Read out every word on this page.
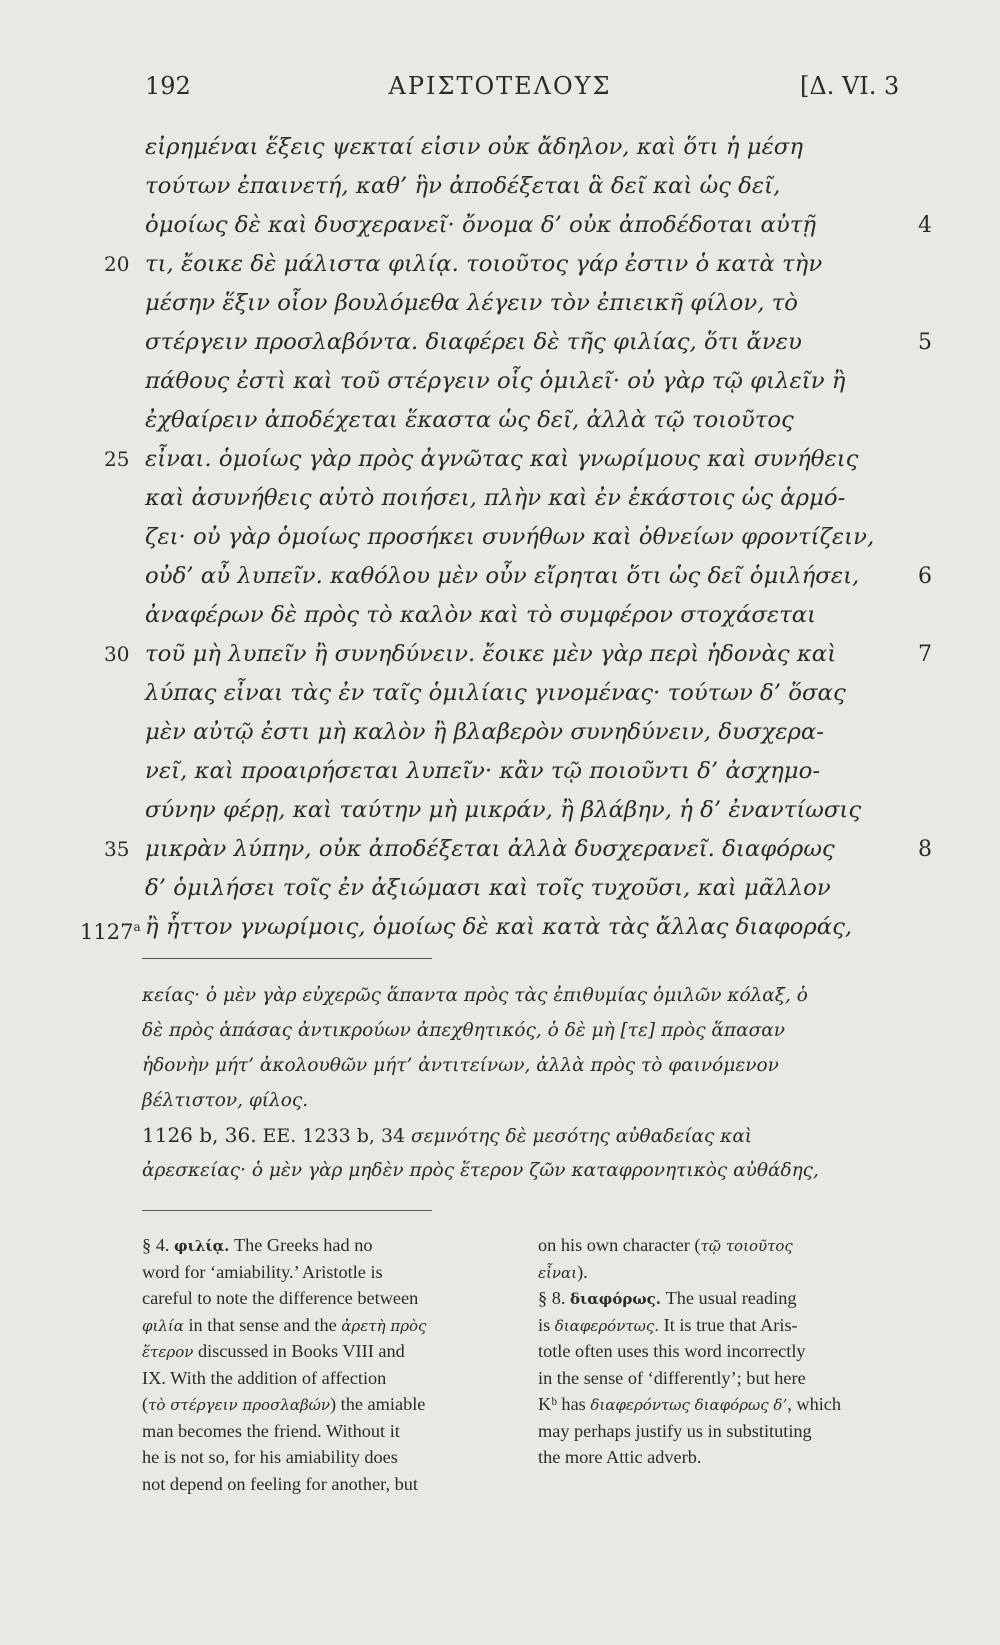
192	ΑΡΙΣΤΟΤΕΛΟΥΣ	[Δ. VI. 3
εἰρημέναι ἕξεις ψεκταί εἰσιν οὐκ ἄδηλον, καὶ ὅτι ἡ μέση
τούτων ἐπαινετή, καθ’ ἣν ἀποδέξεται ἃ δεῖ καὶ ὡς δεῖ,
ὁμοίως δὲ καὶ δυσχερανεῖ· ὄνομα δ’ οὐκ ἀποδέδοται αὐτῇ	4
20 τι, ἔοικε δὲ μάλιστα φιλίᾳ. τοιοῦτος γάρ ἐστιν ὁ κατὰ τὴν
μέσην ἕξιν οἷον βουλόμεθα λέγειν τὸν ἐπιεικῆ φίλον, τὸ
στέργειν προσλαβόντα. διαφέρει δὲ τῆς φιλίας, ὅτι ἄνευ	5
πάθους ἐστὶ καὶ τοῦ στέργειν οἷς ὁμιλεῖ· οὐ γὰρ τῷ φιλεῖν ἢ
ἐχθαίρειν ἀποδέχεται ἕκαστα ὡς δεῖ, ἀλλὰ τῷ τοιοῦτος
25 εἶναι. ὁμοίως γὰρ πρὸς ἀγνῶτας καὶ γνωρίμους καὶ συνήθεις
καὶ ἀσυνήθεις αὐτὸ ποιήσει, πλὴν καὶ ἐν ἑκάστοις ὡς ἁρμό-
ζει· οὐ γὰρ ὁμοίως προσήκει συνήθων καὶ ὀθνείων φροντίζειν,
οὐδ’ αὖ λυπεῖν. καθόλου μὲν οὖν εἴρηται ὅτι ὡς δεῖ ὁμιλήσει,	6
ἀναφέρων δὲ πρὸς τὸ καλὸν καὶ τὸ συμφέρον στοχάσεται
30 τοῦ μὴ λυπεῖν ἢ συνηδύνειν. ἔοικε μὲν γὰρ περὶ ἡδονὰς καὶ	7
λύπας εἶναι τὰς ἐν ταῖς ὁμιλίαις γινομένας· τούτων δ’ ὅσας
μὲν αὐτῷ ἐστι μὴ καλὸν ἢ βλαβερὸν συνηδύνειν, δυσχερα-
νεῖ, καὶ προαιρήσεται λυπεῖν· κἂν τῷ ποιοῦντι δ’ ἀσχημο-
σύνην φέρῃ, καὶ ταύτην μὴ μικράν, ἢ βλάβην, ἡ δ’ ἐναντίωσις
35 μικρὰν λύπην, οὐκ ἀποδέξεται ἀλλὰ δυσχερανεῖ. διαφόρως	8
δ’ ὁμιλήσει τοῖς ἐν ἀξιώμασι καὶ τοῖς τυχοῦσι, καὶ μᾶλλον
1127$^a$ ἢ ἧττον γνωρίμοις, ὁμοίως δὲ καὶ κατὰ τὰς ἄλλας διαφοράς,
κείας· ὁ μὲν γὰρ εὐχερῶς ἅπαντα πρὸς τὰς ἐπιθυμίας ὁμιλῶν κόλαξ, ὁ
δὲ πρὸς ἁπάσας ἀντικρούων ἀπεχθητικός, ὁ δὲ μὴ [τε] πρὸς ἅπασαν
ἡδονὴν μήτ’ ἀκολουθῶν μήτ’ ἀντιτείνων, ἀλλὰ πρὸς τὸ φαινόμενον
βέλτιστον, φίλος.
1126 b, 36. EE. 1233 b, 34 σεμνότης δὲ μεσότης αὐθαδείας καὶ
ἀρεσκείας· ὁ μὲν γὰρ μηδὲν πρὸς ἕτερον ζῶν καταφρονητικὸς αὐθάδης,
§ 4. φιλίᾳ. The Greeks had no
word for ‘amiability.’ Aristotle is
careful to note the difference between
φιλία in that sense and the ἀρετὴ πρὸς
ἕτερον discussed in Books VIII and
IX. With the addition of affection
(τὸ στέργειν προσλαβών) the amiable
man becomes the friend. Without it
he is not so, for his amiability does
not depend on feeling for another, but
on his own character (τῷ τοιοῦτος
εἶναι).
§ 8. διαφόρως. The usual reading
is διαφερόντως. It is true that Aris-
totle often uses this word incorrectly
in the sense of ‘differently’; but here
Kᵇ has διαφερόντως διαφόρως δ’, which
may perhaps justify us in substituting
the more Attic adverb.
